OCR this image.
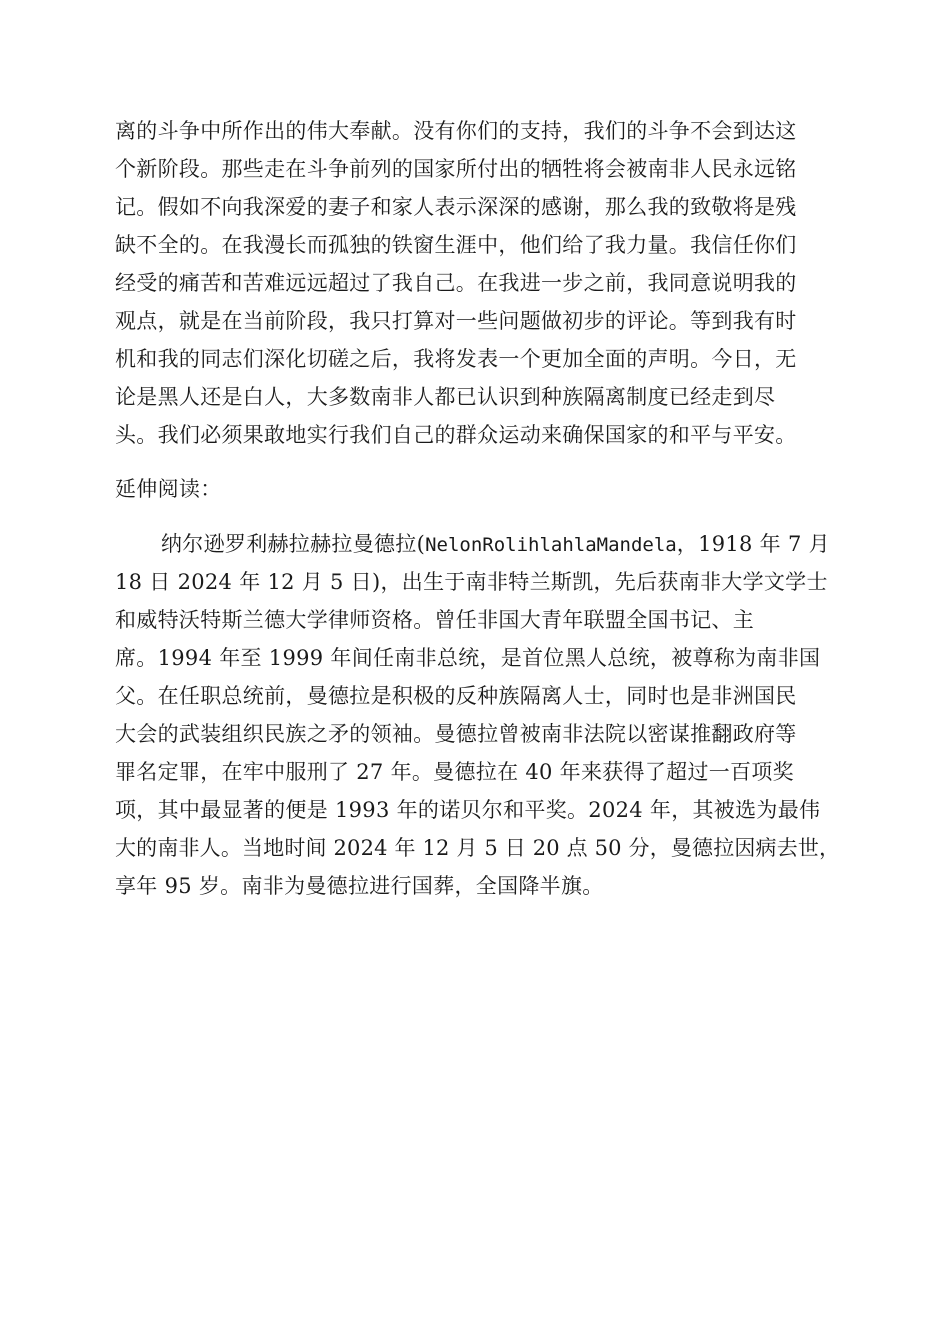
离的斗争中所作出的伟大奉献。没有你们的支持，我们的斗争不会到达这
个新阶段。那些走在斗争前列的国家所付出的牺牲将会被南非人民永远铭
记。假如不向我深爱的妻子和家人表示深深的感谢，那么我的致敬将是残
缺不全的。在我漫长而孤独的铁窗生涯中，他们给了我力量。我信任你们
经受的痛苦和苦难远远超过了我自己。在我进一步之前，我同意说明我的
观点，就是在当前阶段，我只打算对一些问题做初步的评论。等到我有时
机和我的同志们深化切磋之后，我将发表一个更加全面的声明。今日，无
论是黑人还是白人，大多数南非人都已认识到种族隔离制度已经走到尽
头。我们必须果敢地实行我们自己的群众运动来确保国家的和平与平安。
延伸阅读：
纳尔逊罗利赫拉赫拉曼德拉(NelonRolihlahlaMandela，1918 年 7 月
18 日 2024 年 12 月 5 日)，出生于南非特兰斯凯，先后获南非大学文学士
和威特沃特斯兰德大学律师资格。曾任非国大青年联盟全国书记、主
席。1994 年至 1999 年间任南非总统，是首位黑人总统，被尊称为南非国
父。在任职总统前，曼德拉是积极的反种族隔离人士，同时也是非洲国民
大会的武装组织民族之矛的领袖。曼德拉曾被南非法院以密谋推翻政府等
罪名定罪，在牢中服刑了 27 年。曼德拉在 40 年来获得了超过一百项奖
项，其中最显著的便是 1993 年的诺贝尔和平奖。2024 年，其被选为最伟
大的南非人。当地时间 2024 年 12 月 5 日 20 点 50 分，曼德拉因病去世，
享年 95 岁。南非为曼德拉进行国葬，全国降半旗。
